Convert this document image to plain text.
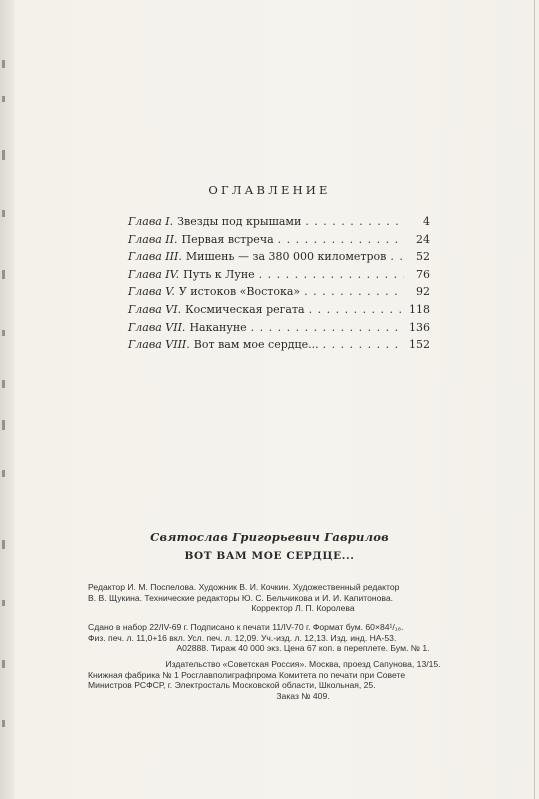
ОГЛАВЛЕНИЕ
Глава I. Звезды под крышами . . .	4
Глава II. Первая встреча . . .	24
Глава III. Мишень — за 380 000 километров . . .	52
Глава IV. Путь к Луне . . .	76
Глава V. У истоков «Востока» . . .	92
Глава VI. Космическая регата . . .	118
Глава VII. Накануне . . .	136
Глава VIII. Вот вам мое сердце... . . .	152
Святослав Григорьевич Гаврилов
ВОТ ВАМ МОЕ СЕРДЦЕ...

Редактор И. М. Поспелова. Художник В. И. Кочкин. Художественный редактор

В. В. Щукина. Технические редакторы Ю. С. Бельчикова и И. И. Капитонова.

Корректор Л. П. Королева

Сдано в набор 22/IV-69 г. Подписано к печати 11/IV-70 г. Формат бум. 60×84¹/₁₆.

Физ. печ. л. 11,0+16 вкл. Усл. печ. л. 12,09. Уч.-изд. л. 12,13. Изд. инд. НА-53.

А02888. Тираж 40 000 экз. Цена 67 коп. в переплете. Бум. № 1.

Издательство «Советская Россия». Москва, проезд Сапунова, 13/15.

Книжная фабрика № 1 Росглавполиграфпрома Комитета по печати при Совете

Министров РСФСР, г. Электросталь Московской области, Школьная, 25.

Заказ № 409.
